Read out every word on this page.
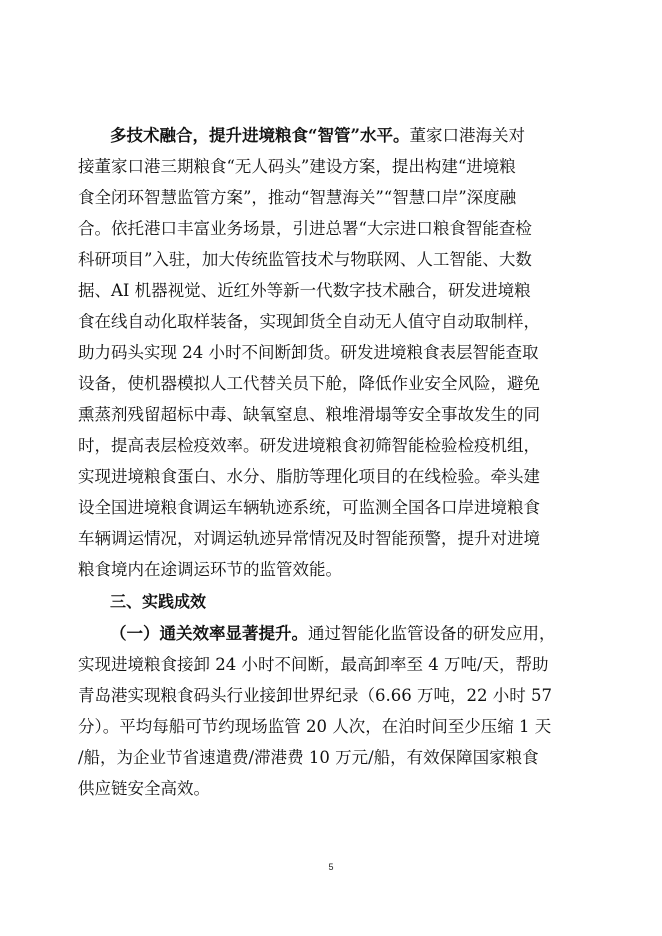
多技术融合，提升进境粮食“智管”水平。董家口港海关对
接董家口港三期粮食“无人码头”建设方案，提出构建“进境粮
食全闭环智慧监管方案”，推动“智慧海关”“智慧口岸”深度融
合。依托港口丰富业务场景，引进总署“大宗进口粮食智能查检
科研项目”入驻，加大传统监管技术与物联网、人工智能、大数
据、AI 机器视觉、近红外等新一代数字技术融合，研发进境粮
食在线自动化取样装备，实现卸货全自动无人值守自动取制样，
助力码头实现 24 小时不间断卸货。研发进境粮食表层智能查取
设备，使机器模拟人工代替关员下舱，降低作业安全风险，避免
熏蒸剂残留超标中毒、缺氧窒息、粮堆滑塌等安全事故发生的同
时，提高表层检疫效率。研发进境粮食初筛智能检验检疫机组，
实现进境粮食蛋白、水分、脂肪等理化项目的在线检验。牵头建
设全国进境粮食调运车辆轨迹系统，可监测全国各口岸进境粮食
车辆调运情况，对调运轨迹异常情况及时智能预警，提升对进境
粮食境内在途调运环节的监管效能。
三、实践成效
（一）通关效率显著提升。通过智能化监管设备的研发应用，
实现进境粮食接卸 24 小时不间断，最高卸率至 4 万吨/天，帮助
青岛港实现粮食码头行业接卸世界纪录（6.66 万吨，22 小时 57
分）。平均每船可节约现场监管 20 人次，在泊时间至少压缩 1 天
/船，为企业节省速遣费/滞港费 10 万元/船，有效保障国家粮食
供应链安全高效。
5
